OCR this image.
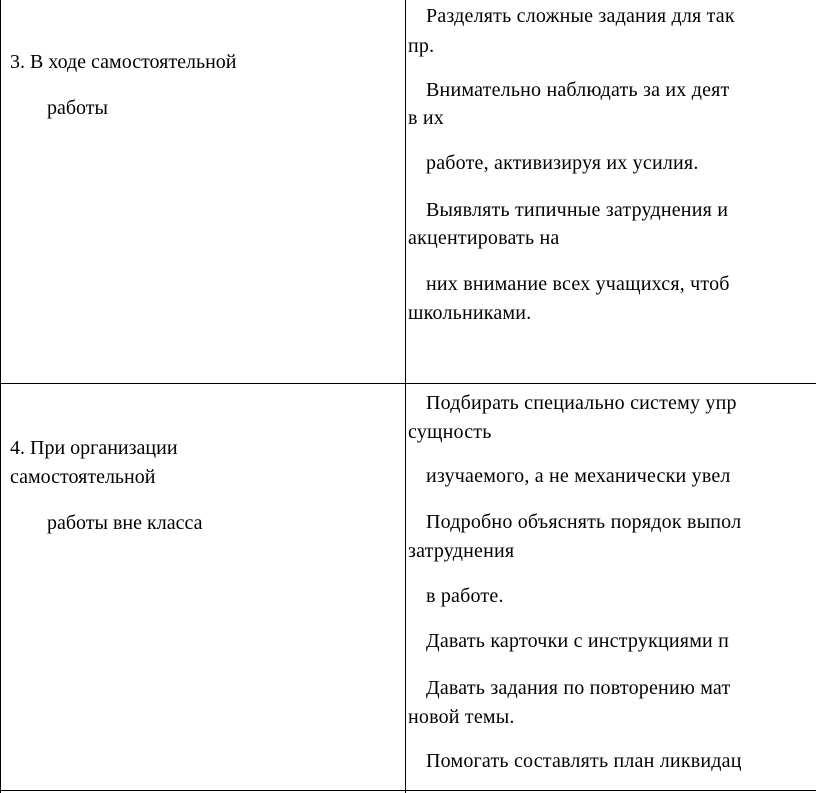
3. В ходе самостоятельной
работы
4. При организации
самостоятельной
работы вне класса
Разделять сложные задания для так
пр.
Внимательно наблюдать за их деят
в их
работе, активизируя их усилия.
Выявлять типичные затруднения и
акцентировать на
них внимание всех учащихся, чтоб
школьниками.
Подбирать специально систему упр
сущность
изучаемого, а не механически увел
Подробно объяснять порядок выпол
затруднения
в работе.
Давать карточки с инструкциями п
Давать задания по повторению мат
новой темы.
Помогать составлять план ликвидац
